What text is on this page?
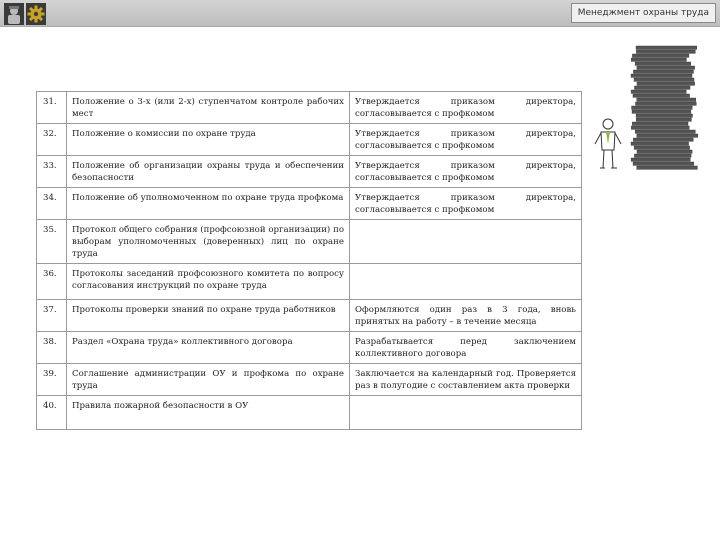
Менеджмент охраны труда
31.	Положение о 3-х (или 2-х) ступенчатом контроле рабочих мест	Утверждается приказом директора, согласовывается с профкомом
32.	Положение о комиссии по охране труда	Утверждается приказом директора, согласовывается с профкомом
33.	Положение об организации охраны труда и обеспечении безопасности	Утверждается приказом директора, согласовывается с профкомом
34.	Положение об уполномоченном по охране труда профкома	Утверждается приказом директора, согласовывается с профкомом
35.	Протокол общего собрания (профсоюзной организации) по выборам уполномоченных (доверенных) лиц по охране труда	
36.	Протоколы заседаний профсоюзного комитета по вопросу согласования инструкций по охране труда	
37.	Протоколы проверки знаний по охране труда работников	Оформляются один раз в 3 года, вновь принятых на работу – в течение месяца
38.	Раздел «Охрана труда» коллективного договора	Разрабатывается перед заключением коллективного договора
39.	Соглашение администрации ОУ и профкома по охране труда	Заключается на календарный год. Проверяется раз в полугодие с составлением акта проверки
40.	Правила пожарной безопасности в ОУ	
